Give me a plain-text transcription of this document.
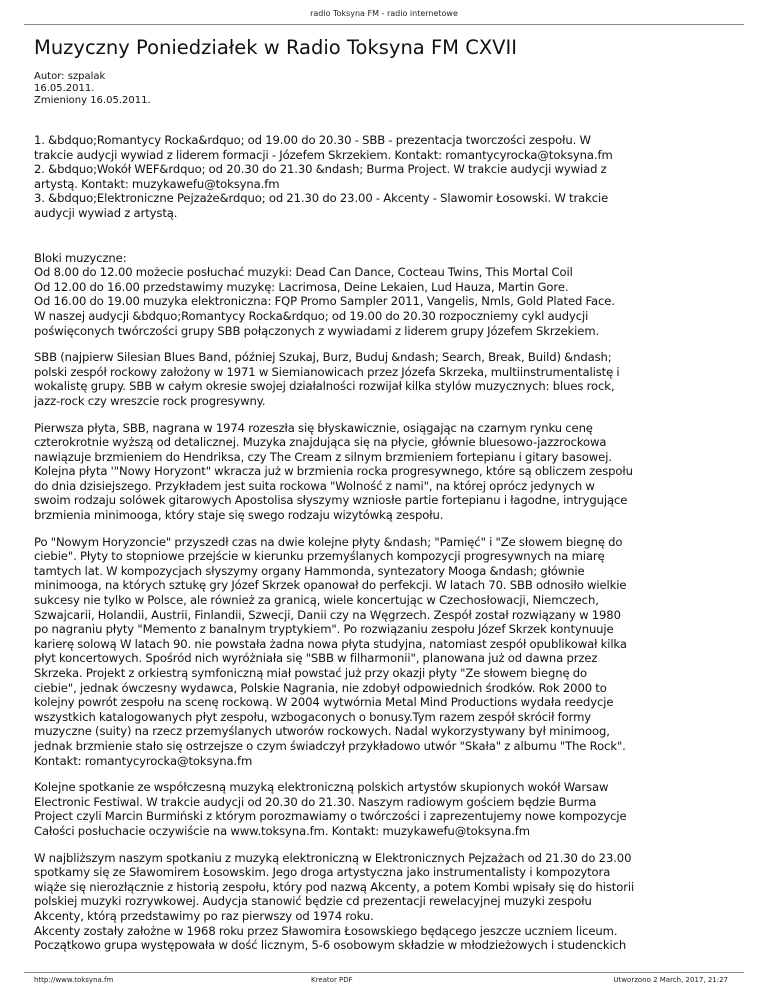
radio Toksyna FM - radio internetowe
Muzyczny Poniedziałek w Radio Toksyna FM CXVII
Autor: szpalak
16.05.2011.
Zmieniony 16.05.2011.
1. &bdquo;Romantycy Rocka&rdquo; od 19.00 do 20.30 - SBB - prezentacja tworczości zespołu. W
trakcie audycji wywiad z liderem formacji - Józefem Skrzekiem. Kontakt: romantycyrocka@toksyna.fm
2. &bdquo;Wokół WEF&rdquo; od 20.30 do 21.30 &ndash; Burma Project. W trakcie audycji wywiad z
artystą. Kontakt: muzykawefu@toksyna.fm
3. &bdquo;Elektroniczne Pejzaże&rdquo; od 21.30 do 23.00 - Akcenty - Slawomir Łosowski. W trakcie
audycji wywiad z artystą.
Bloki muzyczne:
Od 8.00 do 12.00 możecie posłuchać muzyki: Dead Can Dance, Cocteau Twins, This Mortal Coil
Od 12.00 do 16.00 przedstawimy muzykę: Lacrimosa, Deine Lekaien, Lud Hauza, Martin Gore.
Od 16.00 do 19.00 muzyka elektroniczna: FQP Promo Sampler 2011, Vangelis, Nmls, Gold Plated Face.
W naszej audycji &bdquo;Romantycy Rocka&rdquo; od 19.00 do 20.30 rozpoczniemy cykl audycji
poświęconych twórczości grupy SBB połączonych z wywiadami z liderem grupy Józefem Skrzekiem.
SBB (najpierw Silesian Blues Band, później Szukaj, Burz, Buduj &ndash; Search, Break, Build) &ndash;
polski zespół rockowy założony w 1971 w Siemianowicach przez Józefa Skrzeka, multiinstrumentalistę i
wokalistę grupy. SBB w całym okresie swojej działalności rozwijał kilka stylów muzycznych: blues rock,
jazz-rock czy wreszcie rock progresywny.
Pierwsza płyta, SBB, nagrana w 1974 rozeszła się błyskawicznie, osiągając na czarnym rynku cenę
czterokrotnie wyższą od detalicznej. Muzyka znajdująca się na płycie, głównie bluesowo-jazzrockowa
nawiązuje brzmieniem do Hendriksa, czy The Cream z silnym brzmieniem fortepianu i gitary basowej.
Kolejna płyta '"Nowy Horyzont" wkracza już w brzmienia rocka progresywnego, które są obliczem zespołu
do dnia dzisiejszego. Przykładem jest suita rockowa "Wolność z nami", na której oprócz jedynych w
swoim rodzaju solówek gitarowych Apostolisa słyszymy wzniosłe partie fortepianu i łagodne, intrygujące
brzmienia minimooga, który staje się swego rodzaju wizytówką zespołu.
Po "Nowym Horyzoncie" przyszedł czas na dwie kolejne płyty &ndash; "Pamięć" i "Ze słowem biegnę do
ciebie". Płyty to stopniowe przejście w kierunku przemyślanych kompozycji progresywnych na miarę
tamtych lat. W kompozycjach słyszymy organy Hammonda, syntezatory Mooga &ndash; głównie
minimooga, na których sztukę gry Józef Skrzek opanował do perfekcji. W latach 70. SBB odnosiło wielkie
sukcesy nie tylko w Polsce, ale również za granicą, wiele koncertując w Czechosłowacji, Niemczech,
Szwajcarii, Holandii, Austrii, Finlandii, Szwecji, Danii czy na Węgrzech. Zespół został rozwiązany w 1980
po nagraniu płyty "Memento z banalnym tryptykiem". Po rozwiązaniu zespołu Józef Skrzek kontynuuje
karierę solową W latach 90. nie powstała żadna nowa płyta studyjna, natomiast zespół opublikował kilka
płyt koncertowych. Spośród nich wyróżniała się "SBB w filharmonii", planowana już od dawna przez
Skrzeka. Projekt z orkiestrą symfoniczną miał powstać już przy okazji płyty "Ze słowem biegnę do
ciebie", jednak ówczesny wydawca, Polskie Nagrania, nie zdobył odpowiednich środków. Rok 2000 to
kolejny powrót zespołu na scenę rockową. W 2004 wytwórnia Metal Mind Productions wydała reedycje
wszystkich katalogowanych płyt zespołu, wzbogaconych o bonusy.Tym razem zespół skrócił formy
muzyczne (suity) na rzecz przemyślanych utworów rockowych. Nadal wykorzystywany był minimoog,
jednak brzmienie stało się ostrzejsze o czym świadczył przykładowo utwór "Skała" z albumu "The Rock".
Kontakt: romantycyrocka@toksyna.fm
Kolejne spotkanie ze współczesną muzyką elektroniczną polskich artystów skupionych wokół Warsaw
Electronic Festiwal. W trakcie audycji od 20.30 do 21.30. Naszym radiowym gościem będzie Burma
Project czyli Marcin Burmiński z którym porozmawiamy o twórczości i zaprezentujemy nowe kompozycje
Całości posłuchacie oczywiście na www.toksyna.fm. Kontakt: muzykawefu@toksyna.fm
W najbliższym naszym spotkaniu z muzyką elektroniczną w Elektronicznych Pejzażach od 21.30 do 23.00
spotkamy się ze Sławomirem Łosowskim. Jego droga artystyczna jako instrumentalisty i kompozytora
wiąże się nierozłącznie z historią zespołu, który pod nazwą Akcenty, a potem Kombi wpisały się do historii
polskiej muzyki rozrywkowej. Audycja stanowić będzie cd prezentacji rewelacyjnej muzyki zespołu
Akcenty, którą przedstawimy po raz pierwszy od 1974 roku.
Akcenty zostały założne w 1968 roku przez Sławomira Łosowskiego będącego jeszcze uczniem liceum.
Początkowo grupa występowała w dość licznym, 5-6 osobowym składzie w młodzieżowych i studenckich
http://www.toksyna.fm	Kreator PDF	Utworzono 2 March, 2017, 21:27
